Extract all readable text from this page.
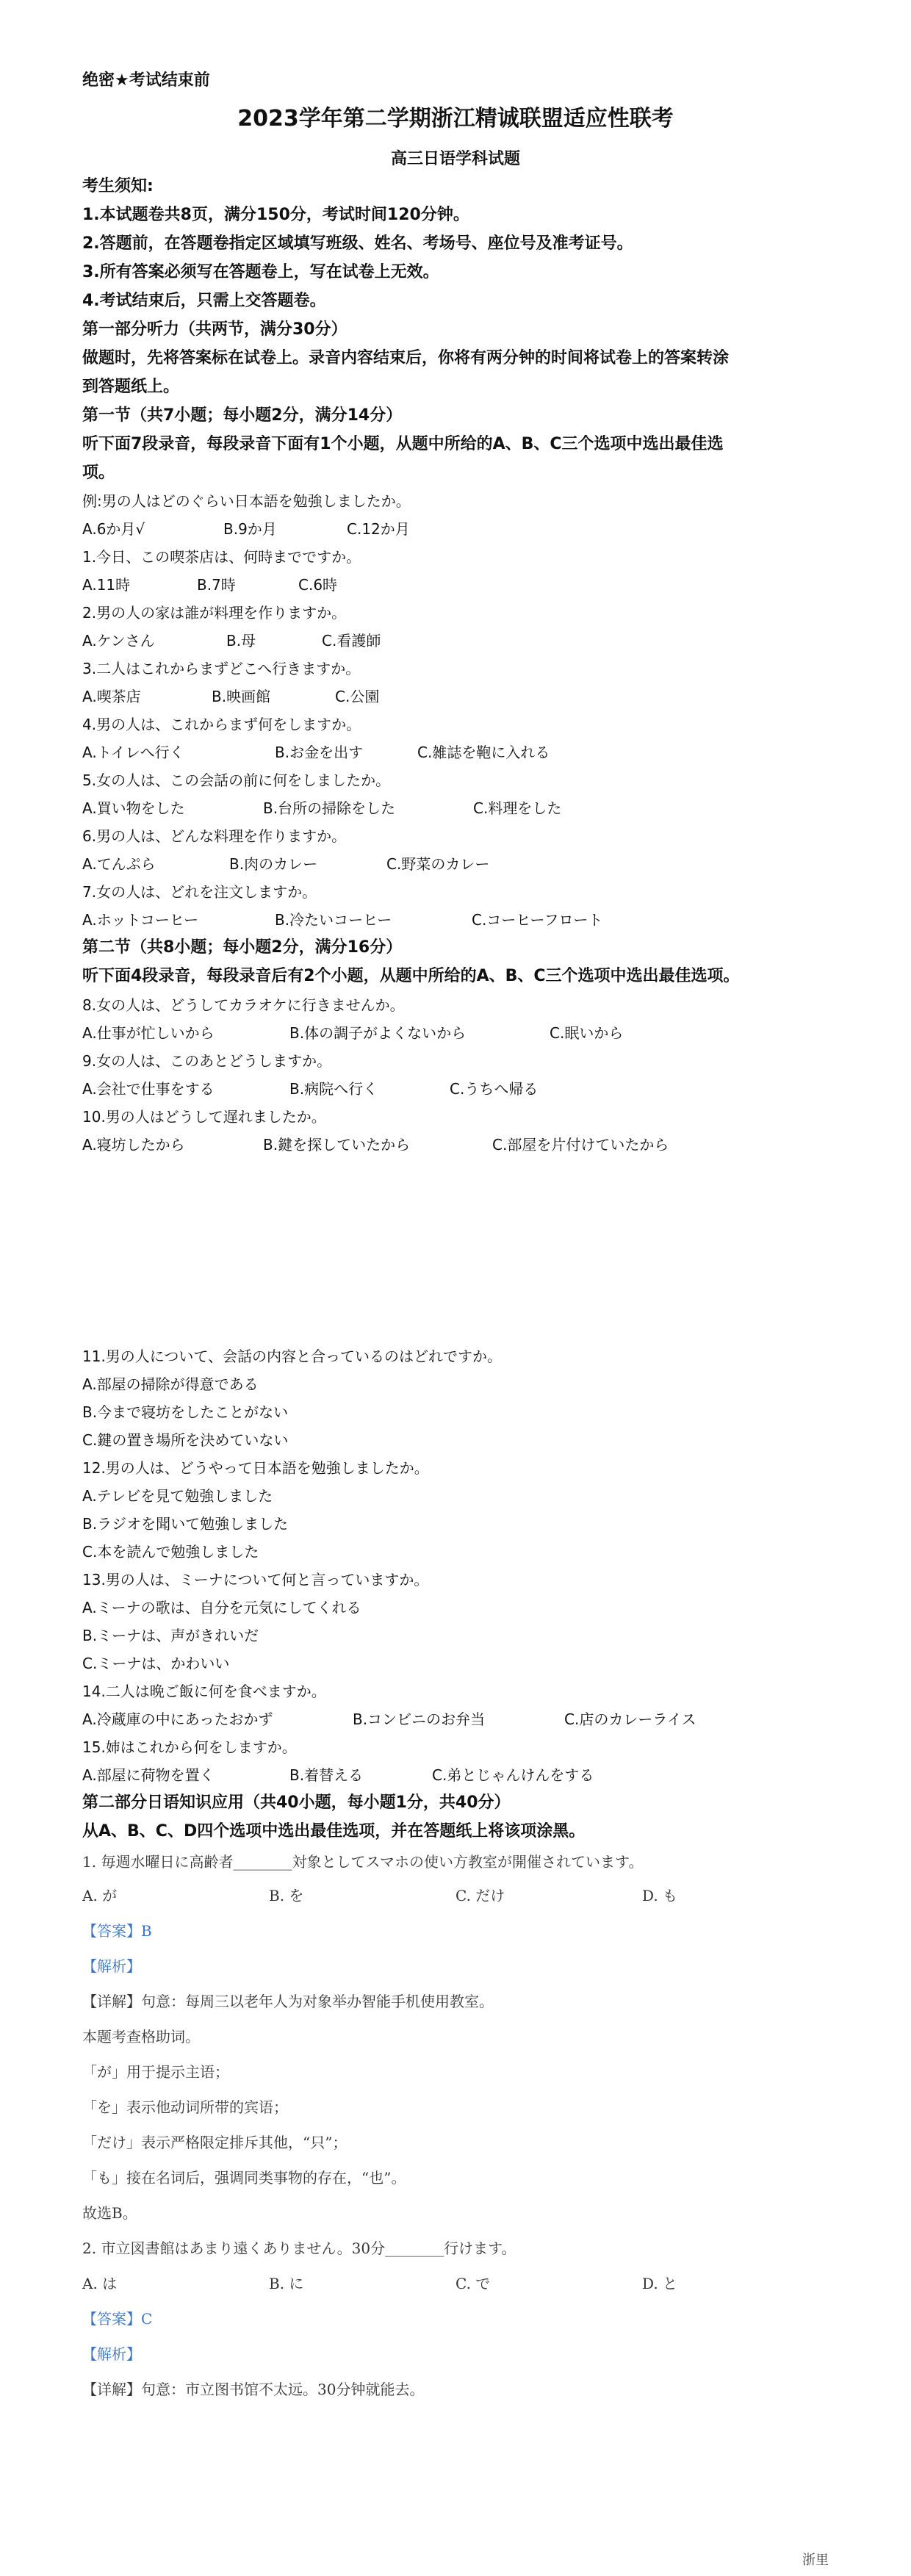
绝密★考试结束前
2023学年第二学期浙江精诚联盟适应性联考
高三日语学科试题
考生须知:
1.本试题卷共8页，满分150分，考试时间120分钟。
2.答题前，在答题卷指定区域填写班级、姓名、考场号、座位号及准考证号。
3.所有答案必须写在答题卷上，写在试卷上无效。
4.考试结束后，只需上交答题卷。
第一部分听力（共两节，满分30分）
做题时，先将答案标在试卷上。录音内容结束后，你将有两分钟的时间将试卷上的答案转涂
到答题纸上。
第一节（共7小题；每小题2分，满分14分）
听下面7段录音，每段录音下面有1个小题，从题中所给的A、B、C三个选项中选出最佳选
项。
例:男の人はどのぐらい日本語を勉強しましたか。
A.6か月√	B.9か月	C.12か月
1.今日、この喫茶店は、何時までですか。
A.11時	B.7時	C.6時
2.男の人の家は誰が料理を作りますか。
A.ケンさん	B.母	C.看護師
3.二人はこれからまずどこへ行きますか。
A.喫茶店	B.映画館	C.公園
4.男の人は、これからまず何をしますか。
A.トイレへ行く	B.お金を出す	C.雑誌を鞄に入れる
5.女の人は、この会話の前に何をしましたか。
A.買い物をした	B.台所の掃除をした	C.料理をした
6.男の人は、どんな料理を作りますか。
A.てんぷら	B.肉のカレー	C.野菜のカレー
7.女の人は、どれを注文しますか。
A.ホットコーヒー	B.冷たいコーヒー	C.コーヒーフロート
第二节（共8小题；每小题2分，满分16分）
听下面4段录音，每段录音后有2个小题，从题中所给的A、B、C三个选项中选出最佳选项。
8.女の人は、どうしてカラオケに行きませんか。
A.仕事が忙しいから	B.体の調子がよくないから	C.眠いから
9.女の人は、このあとどうしますか。
A.会社で仕事をする	B.病院へ行く	C.うちへ帰る
10.男の人はどうして遅れましたか。
A.寝坊したから	B.鍵を探していたから	C.部屋を片付けていたから
11.男の人について、会話の内容と合っているのはどれですか。
A.部屋の掃除が得意である
B.今まで寝坊をしたことがない
C.鍵の置き場所を決めていない
12.男の人は、どうやって日本語を勉強しましたか。
A.テレビを見て勉強しました
B.ラジオを聞いて勉強しました
C.本を読んで勉強しました
13.男の人は、ミーナについて何と言っていますか。
A.ミーナの歌は、自分を元気にしてくれる
B.ミーナは、声がきれいだ
C.ミーナは、かわいい
14.二人は晩ご飯に何を食べますか。
A.冷蔵庫の中にあったおかず	B.コンビニのお弁当	C.店のカレーライス
15.姉はこれから何をしますか。
A.部屋に荷物を置く	B.着替える	C.弟とじゃんけんをする
第二部分日语知识应用（共40小题，每小题1分，共40分）
从A、B、C、D四个选项中选出最佳选项，并在答题纸上将该项涂黑。
1. 毎週水曜日に高齢者________対象としてスマホの使い方教室が開催されています。
A. が	B. を	C. だけ	D. も
【答案】B
【解析】
【详解】句意：每周三以老年人为对象举办智能手机使用教室。
本题考查格助词。
「が」用于提示主语；
「を」表示他动词所带的宾语；
「だけ」表示严格限定排斥其他，“只”；
「も」接在名词后，强调同类事物的存在，“也”。
故选B。
2. 市立図書館はあまり遠くありません。30分________行けます。
A. は	B. に	C. で	D. と
【答案】C
【解析】
【详解】句意：市立图书馆不太远。30分钟就能去。
浙里
